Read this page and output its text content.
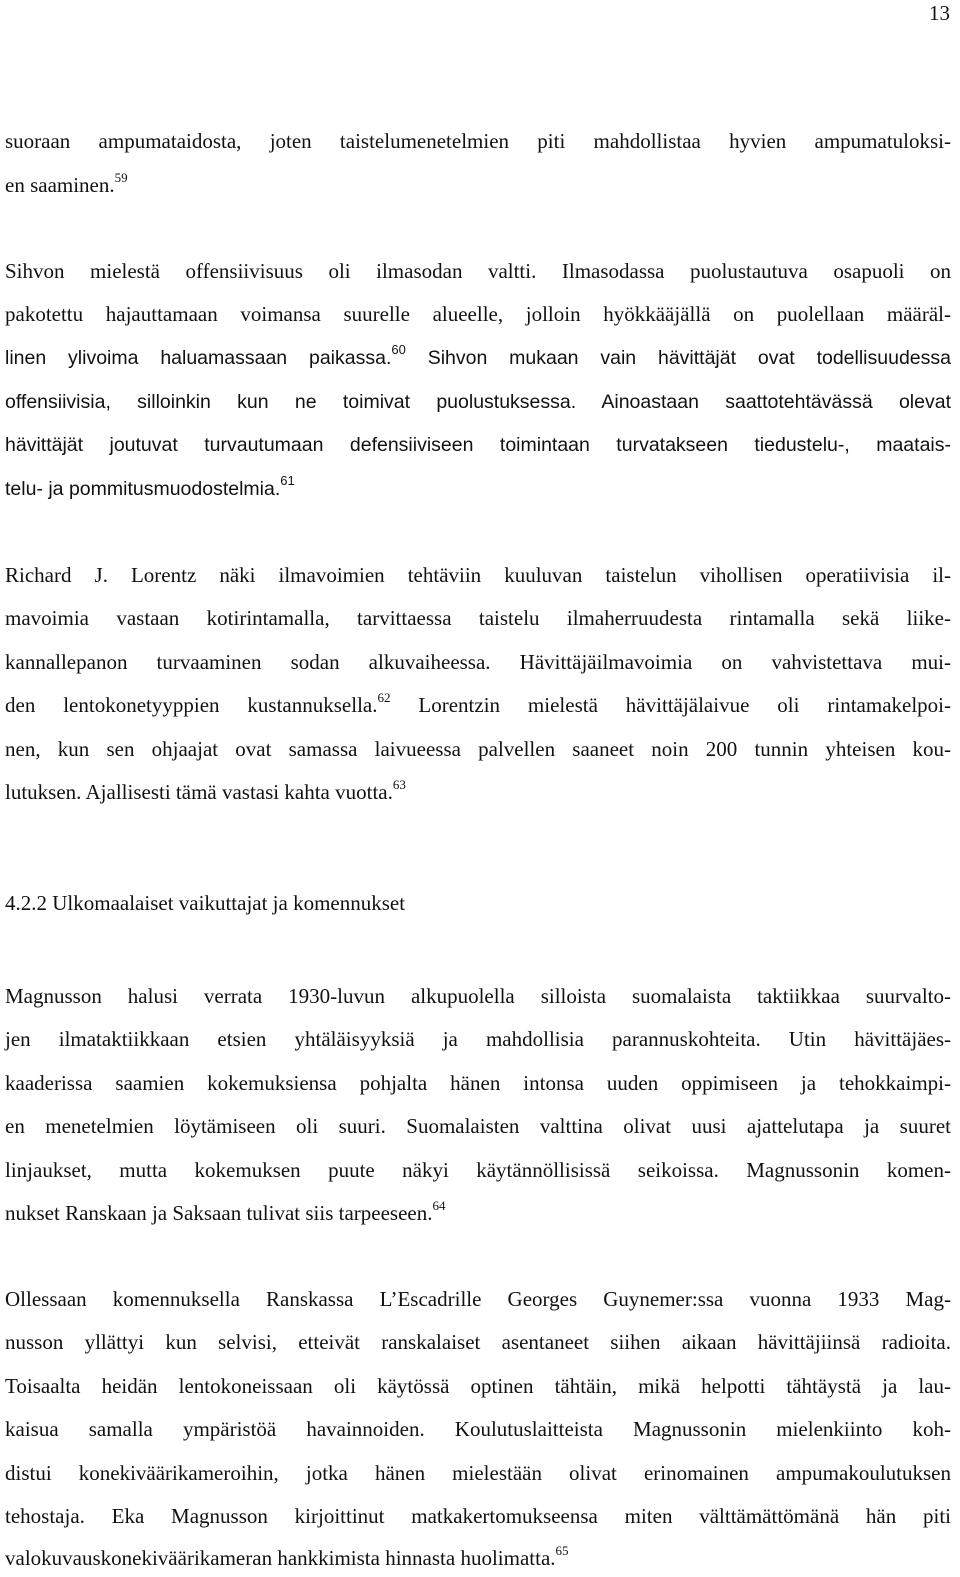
13
suoraan ampumataidosta, joten taistelumenetelmien piti mahdollistaa hyvien ampumatuloksi-
en saaminen.$^{59}$
Sihvon mielestä offensiivisuus oli ilmasodan valtti. Ilmasodassa puolustautuva osapuoli on
pakotettu hajauttamaan voimansa suurelle alueelle, jolloin hyökkääjällä on puolellaan määräl-
linen ylivoima haluamassaan paikassa.$^{60}$ Sihvon mukaan vain hävittäjät ovat todellisuudessa
offensiivisia, silloinkin kun ne toimivat puolustuksessa. Ainoastaan saattotehtävässä olevat
hävittäjät joutuvat turvautumaan defensiiviseen toimintaan turvatakseen tiedustelu-, maatais-
telu- ja pommitusmuodostelmia.$^{61}$
Richard J. Lorentz näki ilmavoimien tehtäviin kuuluvan taistelun vihollisen operatiivisia il-
mavoimia vastaan kotirintamalla, tarvittaessa taistelu ilmaherruudesta rintamalla sekä liike-
kannallepanon turvaaminen sodan alkuvaiheessa. Hävittäjäilmavoimia on vahvistettava mui-
den lentokonetyyppien kustannuksella.$^{62}$ Lorentzin mielestä hävittäjälaivue oli rintamakelpoi-
nen, kun sen ohjaajat ovat samassa laivueessa palvellen saaneet noin 200 tunnin yhteisen kou-
lutuksen. Ajallisesti tämä vastasi kahta vuotta.$^{63}$
4.2.2 Ulkomaalaiset vaikuttajat ja komennukset
Magnusson halusi verrata 1930-luvun alkupuolella silloista suomalaista taktiikkaa suurvalto-
jen ilmataktiikkaan etsien yhtäläisyyksiä ja mahdollisia parannuskohteita. Utin hävittäjäes-
kaaderissa saamien kokemuksiensa pohjalta hänen intonsa uuden oppimiseen ja tehokkaimpi-
en menetelmien löytämiseen oli suuri. Suomalaisten valttina olivat uusi ajattelutapa ja suuret
linjaukset, mutta kokemuksen puute näkyi käytännöllisissä seikoissa. Magnussonin komen-
nukset Ranskaan ja Saksaan tulivat siis tarpeeseen.$^{64}$
Ollessaan komennuksella Ranskassa L’Escadrille Georges Guynemer:ssa vuonna 1933 Mag-
nusson yllättyi kun selvisi, etteivät ranskalaiset asentaneet siihen aikaan hävittäjiinsä radioita.
Toisaalta heidän lentokoneissaan oli käytössä optinen tähtäin, mikä helpotti tähtäystä ja lau-
kaisua samalla ympäristöä havainnoiden. Koulutuslaitteista Magnussonin mielenkiinto koh-
distui konekiväärikameroihin, jotka hänen mielestään olivat erinomainen ampumakoulutuksen
tehostaja. Eka Magnusson kirjoittinut matkakertomukseensa miten välttämättömänä hän piti
valokuvauskonekiväärikameran hankkimista hinnasta huolimatta.$^{65}$
